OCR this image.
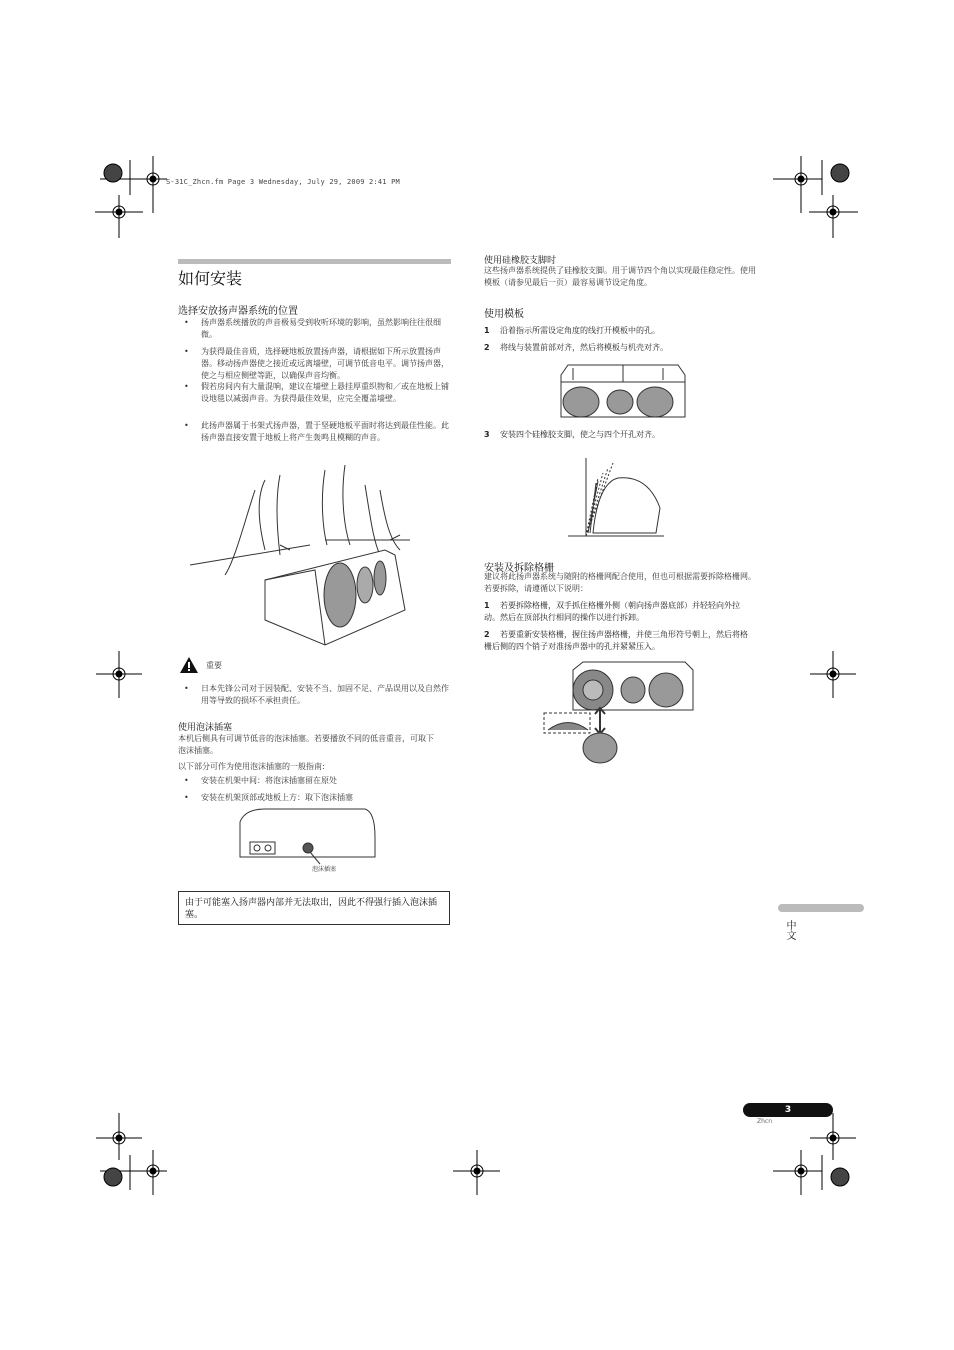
S-31C_Zhcn.fm Page 3 Wednesday, July 29, 2009 2:41 PM
如何安装
选择安放扬声器系统的位置
• 扬声器系统播放的声音极易受到收听环境的影响，虽然影响往往很细微。
• 为获得最佳音质，选择硬地板放置扬声器，请根据如下所示放置扬声器。移动扬声器使之接近或远离墙壁，可调节低音电平。调节扬声器，使之与相应侧壁等距，以确保声音均衡。
• 假若房间内有大量混响，建议在墙壁上悬挂厚重织物和／或在地板上铺设地毯以减弱声音。为获得最佳效果，应完全覆盖墙壁。
• 此扬声器属于书架式扬声器，置于坚硬地板平面时将达到最佳性能。此扬声器直接安置于地板上将产生轰鸣且模糊的声音。
重要
• 日本先锋公司对于因装配、安装不当、加固不足、产品误用以及自然作用等导致的损坏不承担责任。
使用泡沫插塞
本机后侧具有可调节低音的泡沫插塞。若要播放不同的低音重音，可取下泡沫插塞。
以下部分可作为使用泡沫插塞的一般指南:
• 安装在机架中间：将泡沫插塞留在原处
• 安装在机架顶部或地板上方：取下泡沫插塞
泡沫插塞
由于可能塞入扬声器内部并无法取出，因此不得强行插入泡沫插塞。
使用硅橡胶支脚时
这些扬声器系统提供了硅橡胶支脚。用于调节四个角以实现最佳稳定性。使用模板（请参见最后一页）最容易调节设定角度。
使用模板
1 沿着指示所需设定角度的线打开模板中的孔。
2 将线与装置前部对齐，然后将模板与机壳对齐。
3 安装四个硅橡胶支脚，使之与四个开孔对齐。
安装及拆除格栅
建议将此扬声器系统与随附的格栅网配合使用，但也可根据需要拆除格栅网。若要拆除，请遵循以下说明：
1	若要拆除格栅，双手抓住格栅外侧（朝向扬声器底部）并轻轻向外拉动。然后在顶部执行相同的操作以进行拆卸。
2	若要重新安装格栅，握住扬声器格栅，并使三角形符号朝上，然后将格栅后侧的四个销子对准扬声器中的孔并紧紧压入。
中文
3
Zhcn
